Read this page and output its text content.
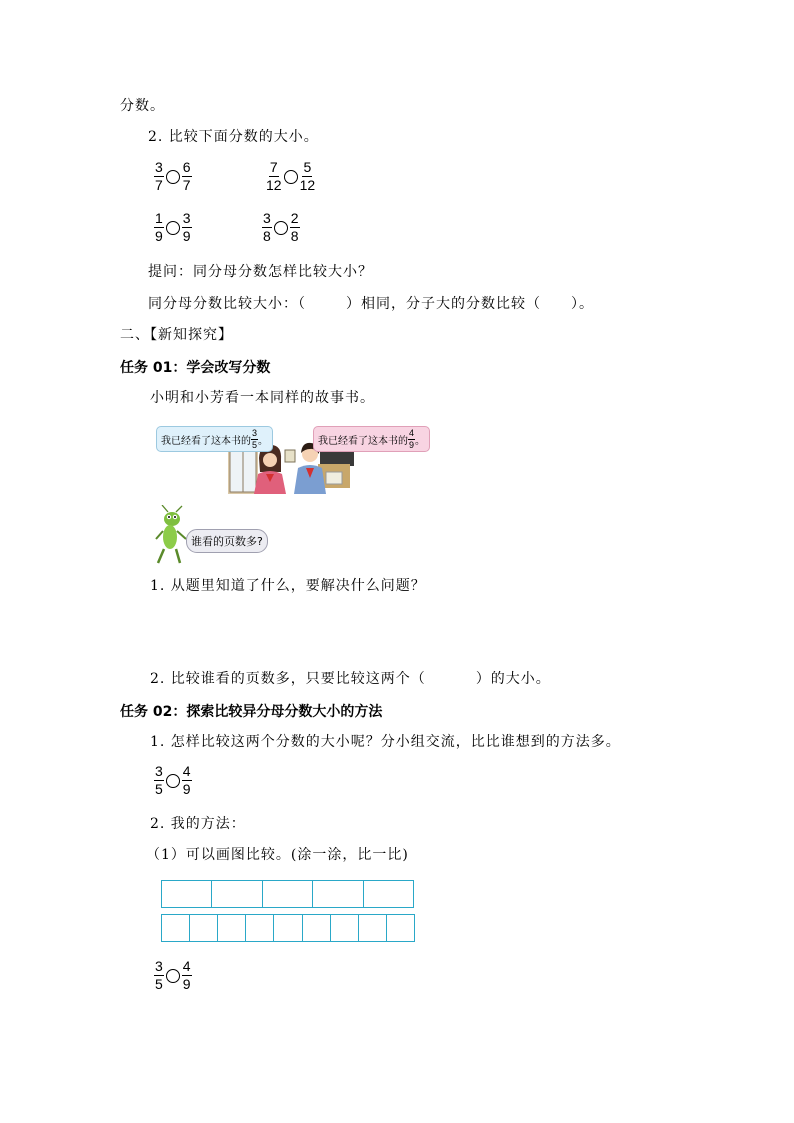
分数。
2. 比较下面分数的大小。
$\frac{3}{7} \frac{6}{7}$	$\frac{7}{12} \frac{5}{12}$
$\frac{1}{9} \frac{3}{9}$	$\frac{3}{8} \frac{2}{8}$
提问：同分母分数怎样比较大小？
同分母分数比较大小：（	）相同，分子大的分数比较（ ）。
二、【新知探究】
任务 01：学会改写分数
小明和小芳看一本同样的故事书。
我已经看了这本书的 $\frac{3}{5}$ 。	我已经看了这本书的 $\frac{4}{9}$ 。
谁看的页数多?
1. 从题里知道了什么，要解决什么问题？
2. 比较谁看的页数多，只要比较这两个（	）的大小。
任务 02：探索比较异分母分数大小的方法
1. 怎样比较这两个分数的大小呢？分小组交流，比比谁想到的方法多。
$\frac{3}{5} \frac{4}{9}$
2. 我的方法：
（1）可以画图比较。(涂一涂，比一比)
$\frac{3}{5} \frac{4}{9}$
